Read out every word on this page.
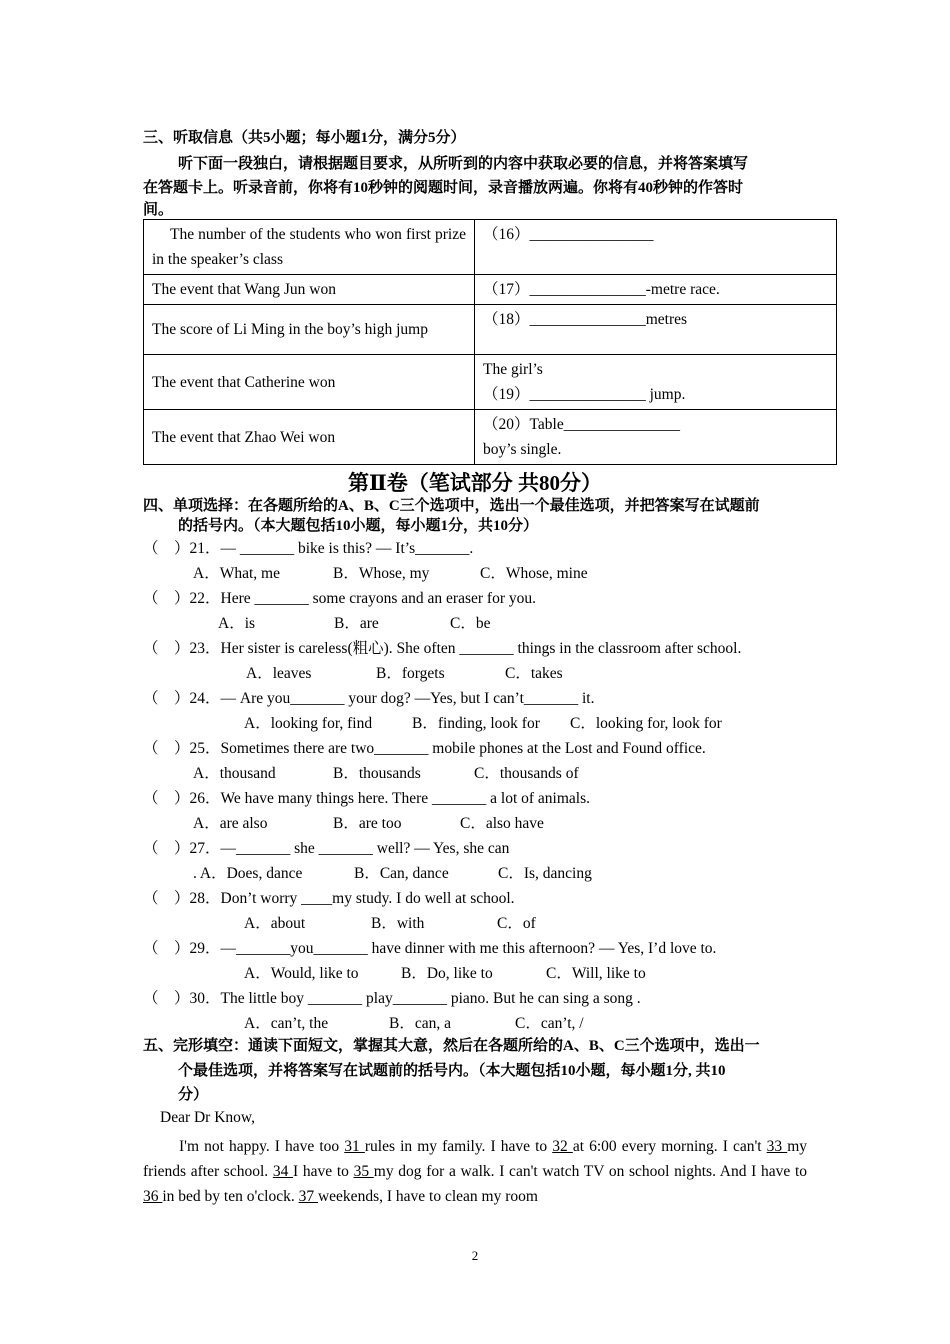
三、听取信息（共5小题；每小题1分，满分5分）
听下面一段独白，请根据题目要求，从所听到的内容中获取必要的信息，并将答案填写
在答题卡上。听录音前，你将有10秒钟的阅题时间，录音播放两遍。你将有40秒钟的作答时
间。
The number of the students who won first prize in the speaker’s class	（16）________________

The event that Wang Jun won	（17）_______________-metre race.

The score of Li Ming in the boy’s high jump	（18）_______________metres

The event that Catherine won	The girl’s
（19）_______________ jump.

The event that Zhao Wei won	（20）Table_______________
boy’s single.
第Ⅱ卷（笔试部分 共80分）
四、单项选择：在各题所给的A、B、C三个选项中，选出一个最佳选项，并把答案写在试题前
的括号内。（本大题包括10小题，每小题1分，共10分）
（　）21．— _______ bike is this? — It’s_______.
A．What, me	B．Whose, my	C．Whose, mine
（　）22．Here _______ some crayons and an eraser for you.
A．is	B．are	C．be
（　）23．Her sister is careless(粗心). She often _______ things in the classroom after school.
A．leaves	B．forgets	C．takes
（　）24．— Are you_______ your dog? —Yes, but I can’t_______ it.
A．looking for, find	B．finding, look for C．looking for, look for
（　）25．Sometimes there are two_______ mobile phones at the Lost and Found office.
A．thousand	B．thousands	C．thousands of
（　）26．We have many things here. There _______ a lot of animals.
A．are also	B．are too	C．also have
（　）27．—_______ she _______ well? — Yes, she can
. A．Does, dance	B．Can, dance	C．Is, dancing
（　）28．Don’t worry ____my study. I do well at school.
A．about	B．with	C．of
（　）29．—_______you_______ have dinner with me this afternoon? — Yes, I’d love to.
A．Would, like to	B．Do, like to	C．Will, like to
（　）30．The little boy _______ play_______ piano. But he can sing a song .
A．can’t, the	B．can, a	C．can’t, /
五、完形填空：通读下面短文，掌握其大意，然后在各题所给的A、B、C三个选项中，选出一
个最佳选项，并将答案写在试题前的括号内。（本大题包括10小题，每小题1分, 共10
分）
Dear Dr Know,
I'm not happy. I have too 31 rules in my family. I have to 32 at 6:00 every morning. I can't 33 my friends after school. 34 I have to 35 my dog for a walk. I can't watch TV on school nights. And I have to 36 in bed by ten o'clock. 37 weekends, I have to clean my room
2
